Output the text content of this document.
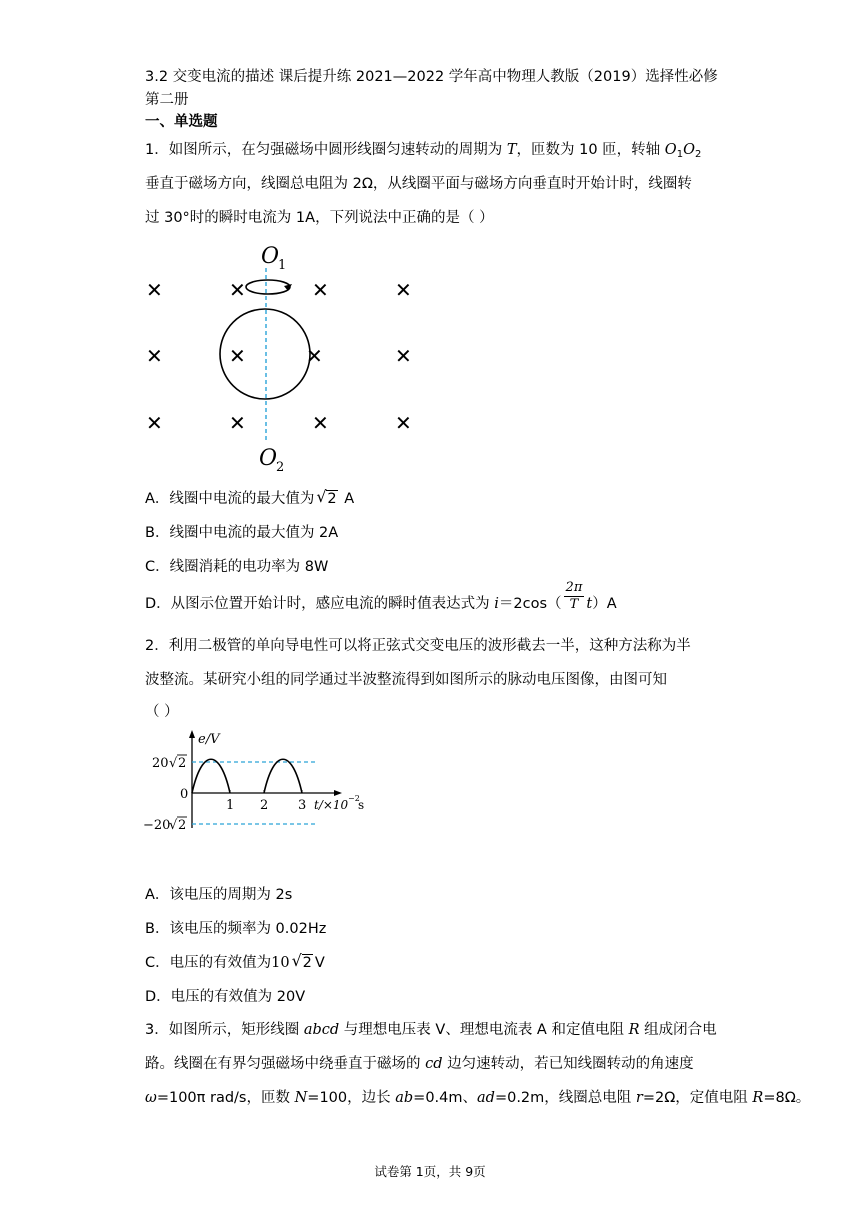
3.2 交变电流的描述 课后提升练 2021—2022 学年高中物理人教版（2019）选择性必修
第二册
一、单选题
1．如图所示，在匀强磁场中圆形线圈匀速转动的周期为 T，匝数为 10 匝，转轴 $O_1O_2$
垂直于磁场方向，线圈总电阻为 2Ω，从线圈平面与磁场方向垂直时开始计时，线圈转
过 30°时的瞬时电流为 1A，下列说法中正确的是（ ）
O
1
✕	✕	✕	✕
✕	✕	✕	✕
✕	✕	✕	✕
O
2
A．线圈中电流的最大值为 √ 2 A
B．线圈中电流的最大值为 2A
C．线圈消耗的电功率为 8W
D．从图示位置开始计时，感应电流的瞬时值表达式为 $i=2\cos( \frac{2\pi}{T} t)A$
2．利用二极管的单向导电性可以将正弦式交变电压的波形截去一半，这种方法称为半
波整流。某研究小组的同学通过半波整流得到如图所示的脉动电压图像，由图可知
（ ）
e/V
20 √ 2
0
−20
√ 2
1 2 3 t/×10 −2
s
A．该电压的周期为 2s
B．该电压的频率为 0.02Hz
C．电压的有效值为10 √ 2 V
D．电压的有效值为 20V
3．如图所示，矩形线圈 abcd 与理想电压表 V、理想电流表 A 和定值电阻 R 组成闭合电
路。线圈在有界匀强磁场中绕垂直于磁场的 cd 边匀速转动，若已知线圈转动的角速度
ω=100π rad/s，匝数 N=100，边长 ab=0.4m、ad=0.2m，线圈总电阻 r=2Ω，定值电阻 R=8Ω。
试卷第 1页，共 9页
